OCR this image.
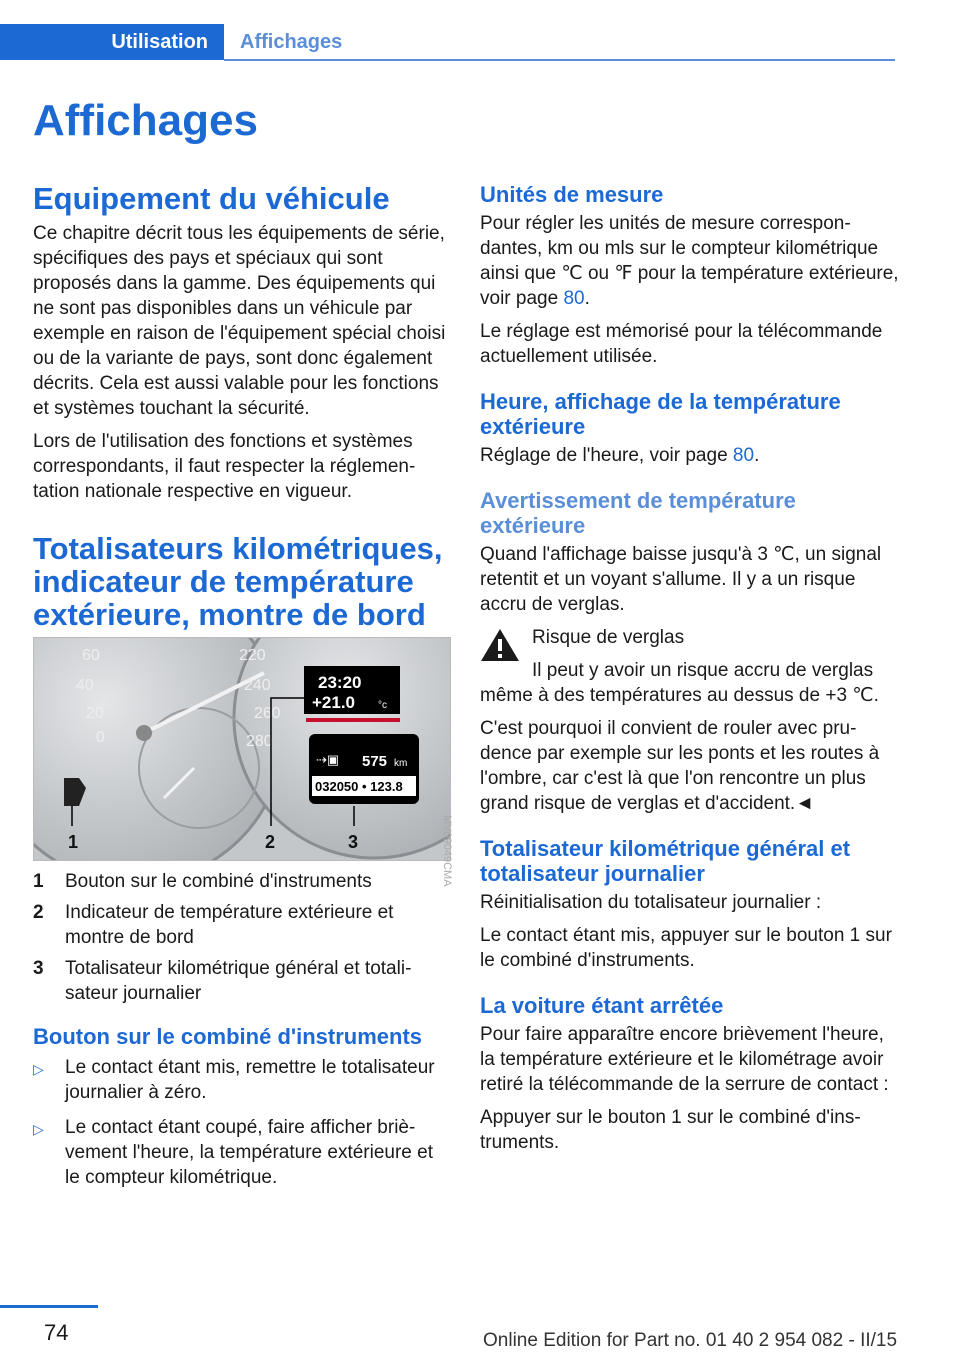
Utilisation	Affichages
Affichages
Equipement du véhicule

Ce chapitre décrit tous les équipements de série, spécifiques des pays et spéciaux qui sont proposés dans la gamme. Des équipements qui ne sont pas disponibles dans un véhicule par exemple en raison de l'équipement spécial choisi ou de la variante de pays, sont donc également décrits. Cela est aussi valable pour les fonctions et systèmes touchant la sécurité.

Lors de l'utilisation des fonctions et systèmes correspondants, il faut respecter la réglementation nationale respective en vigueur.

Totalisateurs kilométriques, indicateur de température extérieure, montre de bord
60
40
20
0
220
240
260
280
23:20
+21.0 °c
⇢▣ 575 km
032050 • 123.8
1	2	3
1	Bouton sur le combiné d'instruments
2	Indicateur de température extérieure et montre de bord
3	Totalisateur kilométrique général et totalisateur journalier
Bouton sur le combiné d'instruments
▷	Le contact étant mis, remettre le totalisateur journalier à zéro.
▷	Le contact étant coupé, faire afficher brièvement l'heure, la température extérieure et le compteur kilométrique.
MV09049CMA
Unités de mesure

Pour régler les unités de mesure correspondantes, km ou mls sur le compteur kilométrique ainsi que ℃ ou ℉ pour la température extérieure, voir page 80.

Le réglage est mémorisé pour la télécommande actuellement utilisée.

Heure, affichage de la température extérieure

Réglage de l'heure, voir page 80.

Avertissement de température extérieure

Quand l'affichage baisse jusqu'à 3 ℃, un signal retentit et un voyant s'allume. Il y a un risque accru de verglas.

Risque de verglas

Il peut y avoir un risque accru de verglas même à des températures au dessus de +3 ℃.

C'est pourquoi il convient de rouler avec prudence par exemple sur les ponts et les routes à l'ombre, car c'est là que l'on rencontre un plus grand risque de verglas et d'accident.◄

Totalisateur kilométrique général et totalisateur journalier

Réinitialisation du totalisateur journalier :

Le contact étant mis, appuyer sur le bouton 1 sur le combiné d'instruments.

La voiture étant arrêtée

Pour faire apparaître encore brièvement l'heure, la température extérieure et le kilométrage avoir retiré la télécommande de la serrure de contact :

Appuyer sur le bouton 1 sur le combiné d'instruments.

74	Online Edition for Part no. 01 40 2 954 082 - II/15
